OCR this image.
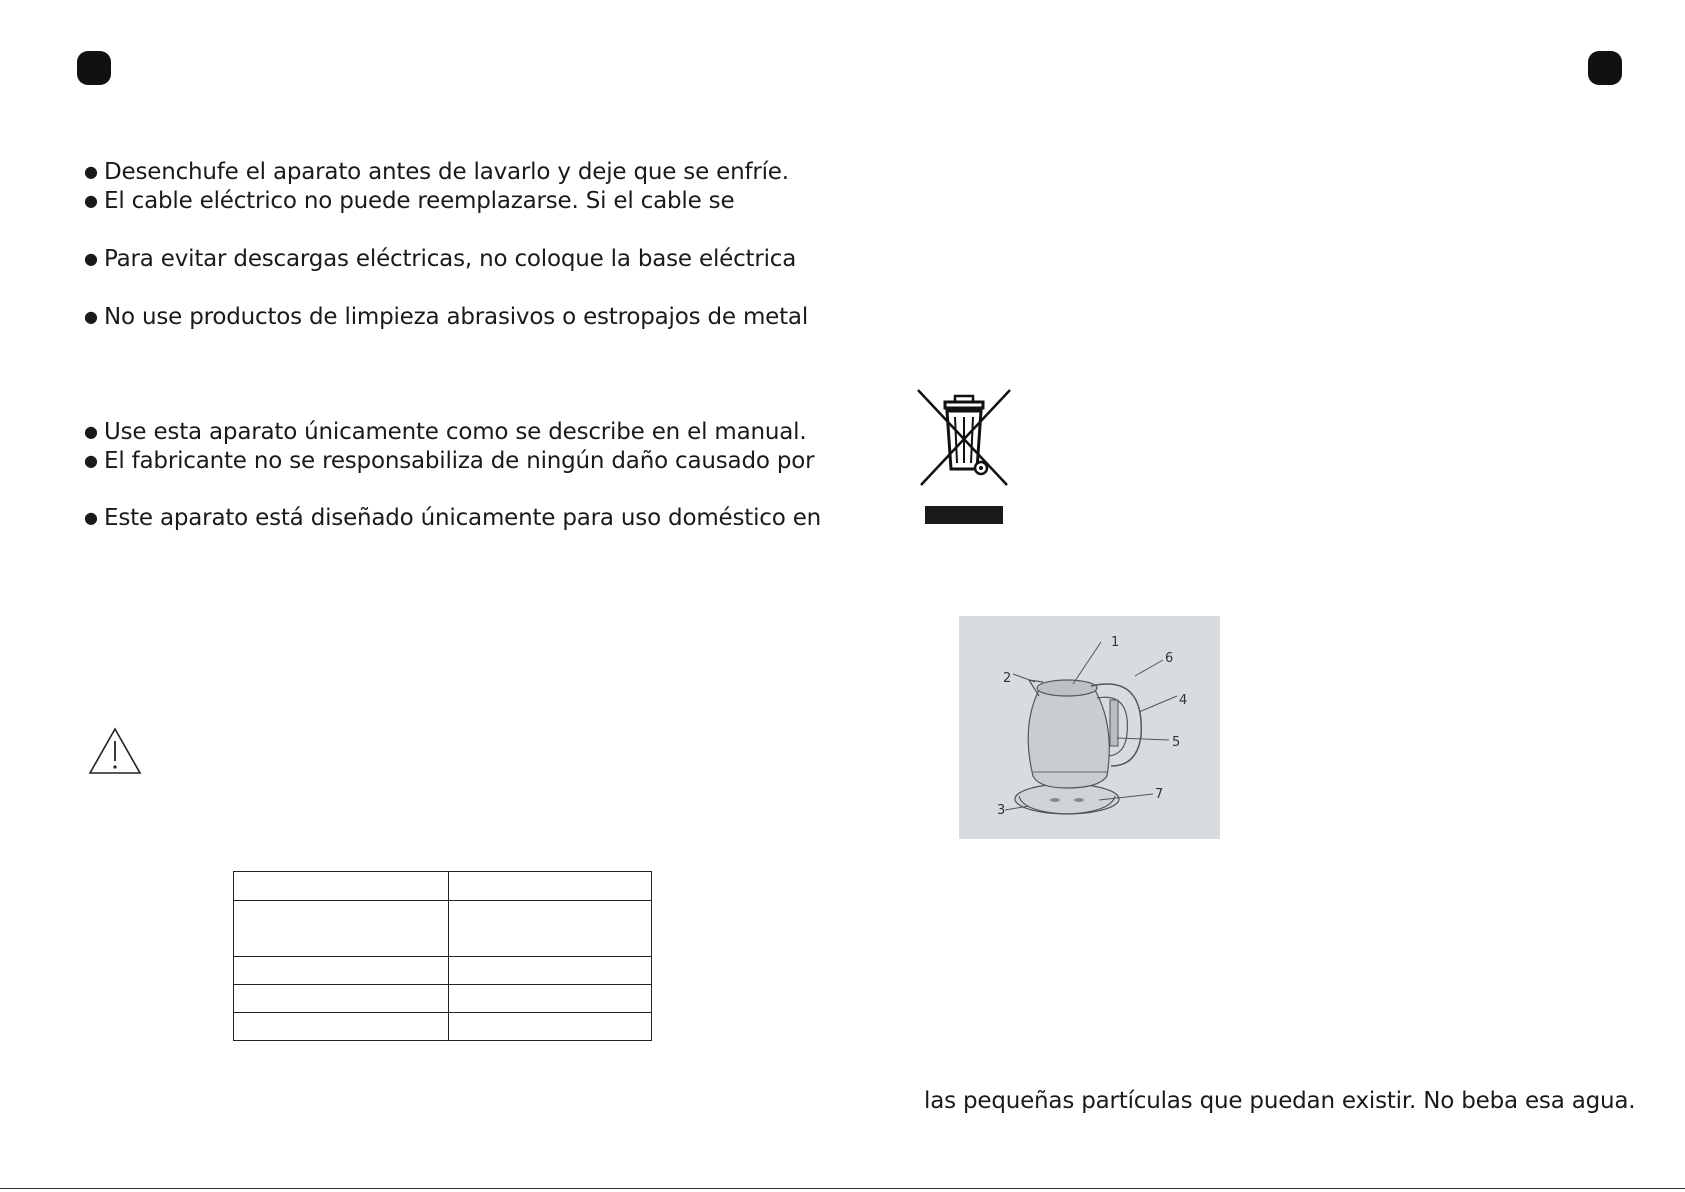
● Desenchufe el aparato antes de lavarlo y deje que se enfríe.
● El cable eléctrico no puede reemplazarse. Si el cable se
● Para evitar descargas eléctricas, no coloque la base eléctrica
● No use productos de limpieza abrasivos o estropajos de metal
● Use esta aparato únicamente como se describe en el manual.
● El fabricante no se responsabiliza de ningún daño causado por
● Este aparato está diseñado únicamente para uso doméstico en

1
2
3
4
5
6
7
las pequeñas partículas que puedan existir. No beba esa agua.
